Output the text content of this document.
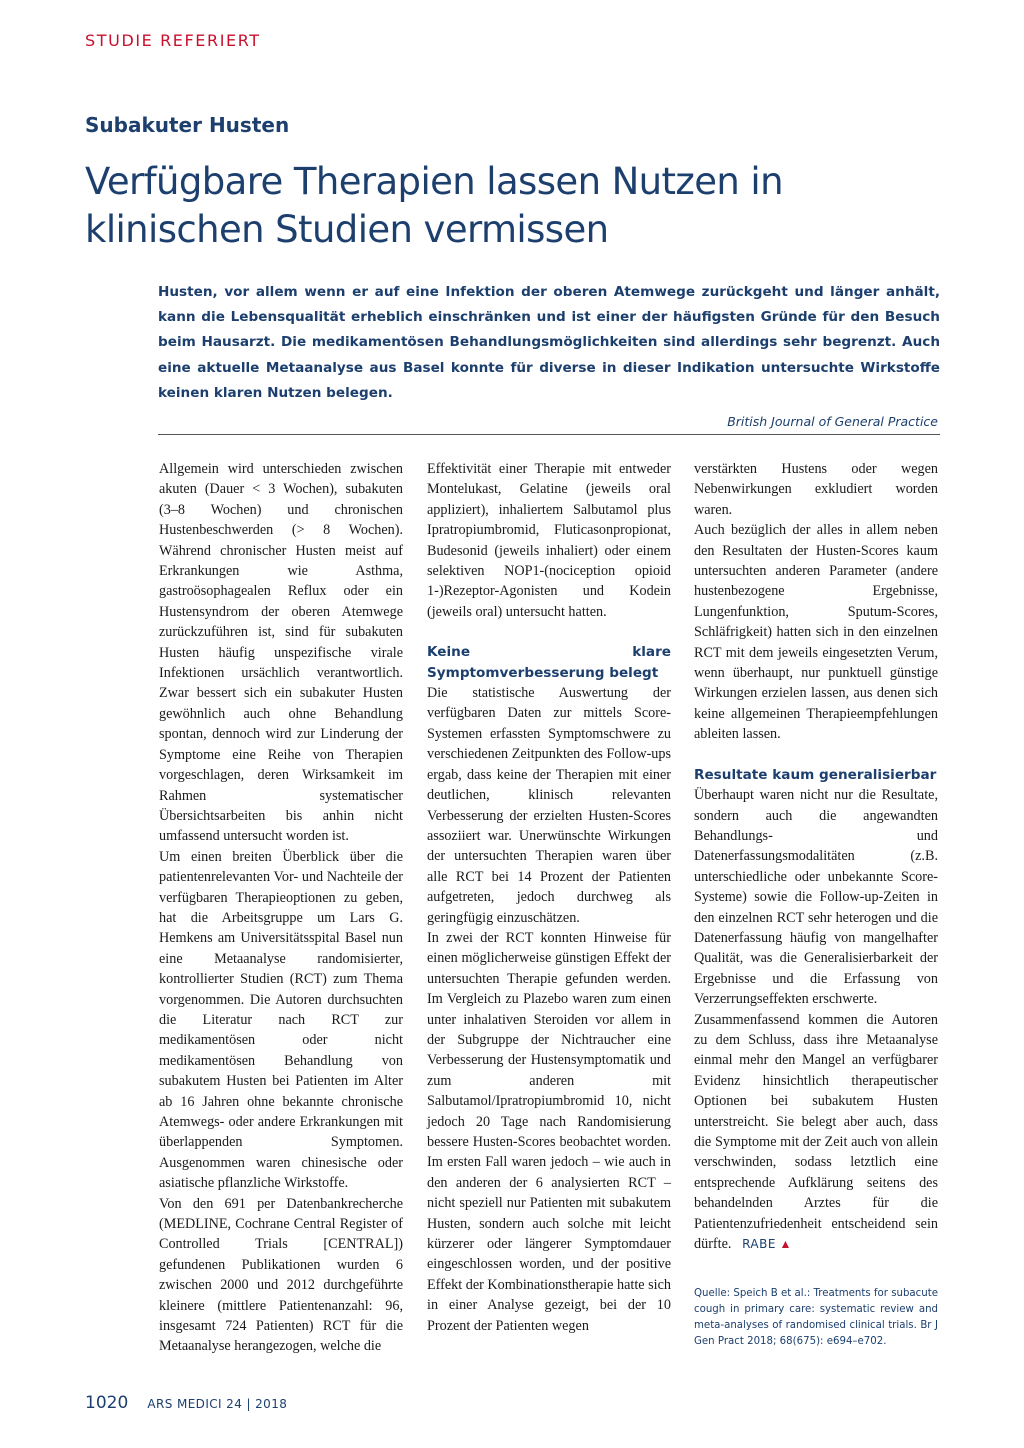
STUDIE REFERIERT
Subakuter Husten
Verfügbare Therapien lassen Nutzen in klinischen Studien vermissen

Husten, vor allem wenn er auf eine Infektion der oberen Atemwege zurückgeht und länger anhält, kann die Lebensqualität erheblich einschränken und ist einer der häufigsten Gründe für den Besuch beim Hausarzt. Die medikamentösen Behandlungsmöglichkeiten sind allerdings sehr begrenzt. Auch eine aktuelle Metaanalyse aus Basel konnte für diverse in dieser Indikation untersuchte Wirkstoffe keinen klaren Nutzen belegen.

British Journal of General Practice

Allgemein wird unterschieden zwischen akuten (Dauer < 3 Wochen), subakuten (3–8 Wochen) und chronischen Hustenbeschwerden (> 8 Wochen). Während chronischer Husten meist auf Erkrankungen wie Asthma, gastroösophagealen Reflux oder ein Hustensyndrom der oberen Atemwege zurückzuführen ist, sind für subakuten Husten häufig unspezifische virale Infektionen ursächlich verantwortlich. Zwar bessert sich ein subakuter Husten gewöhnlich auch ohne Behandlung spontan, dennoch wird zur Linderung der Symptome eine Reihe von Therapien vorgeschlagen, deren Wirksamkeit im Rahmen systematischer Übersichtsarbeiten bis anhin nicht umfassend untersucht worden ist.

Um einen breiten Überblick über die patientenrelevanten Vor- und Nachteile der verfügbaren Therapieoptionen zu geben, hat die Arbeitsgruppe um Lars G. Hemkens am Universitätsspital Basel nun eine Metaanalyse randomisierter, kontrollierter Studien (RCT) zum Thema vorgenommen. Die Autoren durchsuchten die Literatur nach RCT zur medikamentösen oder nicht medikamentösen Behandlung von subakutem Husten bei Patienten im Alter ab 16 Jahren ohne bekannte chronische Atemwegs- oder andere Erkrankungen mit überlappenden Symptomen. Ausgenommen waren chinesische oder asiatische pflanzliche Wirkstoffe.

Von den 691 per Datenbankrecherche (MEDLINE, Cochrane Central Register of Controlled Trials [CENTRAL]) gefundenen Publikationen wurden 6 zwischen 2000 und 2012 durchgeführte kleinere (mittlere Patientenanzahl: 96, insgesamt 724 Patienten) RCT für die Metaanalyse herangezogen, welche die

Effektivität einer Therapie mit entweder Montelukast, Gelatine (jeweils oral appliziert), inhaliertem Salbutamol plus Ipratropiumbromid, Fluticasonpropionat, Budesonid (jeweils inhaliert) oder einem selektiven NOP1-(nociception opioid 1-)Rezeptor-Agonisten und Kodein (jeweils oral) untersucht hatten.

Keine klare Symptomverbesserung belegt

Die statistische Auswertung der verfügbaren Daten zur mittels Score-Systemen erfassten Symptomschwere zu verschiedenen Zeitpunkten des Follow-ups ergab, dass keine der Therapien mit einer deutlichen, klinisch relevanten Verbesserung der erzielten Husten-Scores assoziiert war. Unerwünschte Wirkungen der untersuchten Therapien waren über alle RCT bei 14 Prozent der Patienten aufgetreten, jedoch durchweg als geringfügig einzuschätzen.

In zwei der RCT konnten Hinweise für einen möglicherweise günstigen Effekt der untersuchten Therapie gefunden werden. Im Vergleich zu Plazebo waren zum einen unter inhalativen Steroiden vor allem in der Subgruppe der Nichtraucher eine Verbesserung der Hustensymptomatik und zum anderen mit Salbutamol/Ipratropiumbromid 10, nicht jedoch 20 Tage nach Randomisierung bessere Husten-Scores beobachtet worden. Im ersten Fall waren jedoch – wie auch in den anderen der 6 analysierten RCT – nicht speziell nur Patienten mit subakutem Husten, sondern auch solche mit leicht kürzerer oder längerer Symptomdauer eingeschlossen worden, und der positive Effekt der Kombinationstherapie hatte sich in einer Analyse gezeigt, bei der 10 Prozent der Patienten wegen

verstärkten Hustens oder wegen Nebenwirkungen exkludiert worden waren.

Auch bezüglich der alles in allem neben den Resultaten der Husten-Scores kaum untersuchten anderen Parameter (andere hustenbezogene Ergebnisse, Lungenfunktion, Sputum-Scores, Schläfrigkeit) hatten sich in den einzelnen RCT mit dem jeweils eingesetzten Verum, wenn überhaupt, nur punktuell günstige Wirkungen erzielen lassen, aus denen sich keine allgemeinen Therapieempfehlungen ableiten lassen.

Resultate kaum generalisierbar

Überhaupt waren nicht nur die Resultate, sondern auch die angewandten Behandlungs- und Datenerfassungsmodalitäten (z.B. unterschiedliche oder unbekannte Score-Systeme) sowie die Follow-up-Zeiten in den einzelnen RCT sehr heterogen und die Datenerfassung häufig von mangelhafter Qualität, was die Generalisierbarkeit der Ergebnisse und die Erfassung von Verzerrungseffekten erschwerte.

Zusammenfassend kommen die Autoren zu dem Schluss, dass ihre Metaanalyse einmal mehr den Mangel an verfügbarer Evidenz hinsichtlich therapeutischer Optionen bei subakutem Husten unterstreicht. Sie belegt aber auch, dass die Symptome mit der Zeit auch von allein verschwinden, sodass letztlich eine entsprechende Aufklärung seitens des behandelnden Arztes für die Patientenzufriedenheit entscheidend sein dürfte. RABE ▲

Quelle: Speich B et al.: Treatments for subacute cough in primary care: systematic review and meta-analyses of randomised clinical trials. Br J Gen Pract 2018; 68(675): e694–e702.

1020 ARS MEDICI 24 | 2018
